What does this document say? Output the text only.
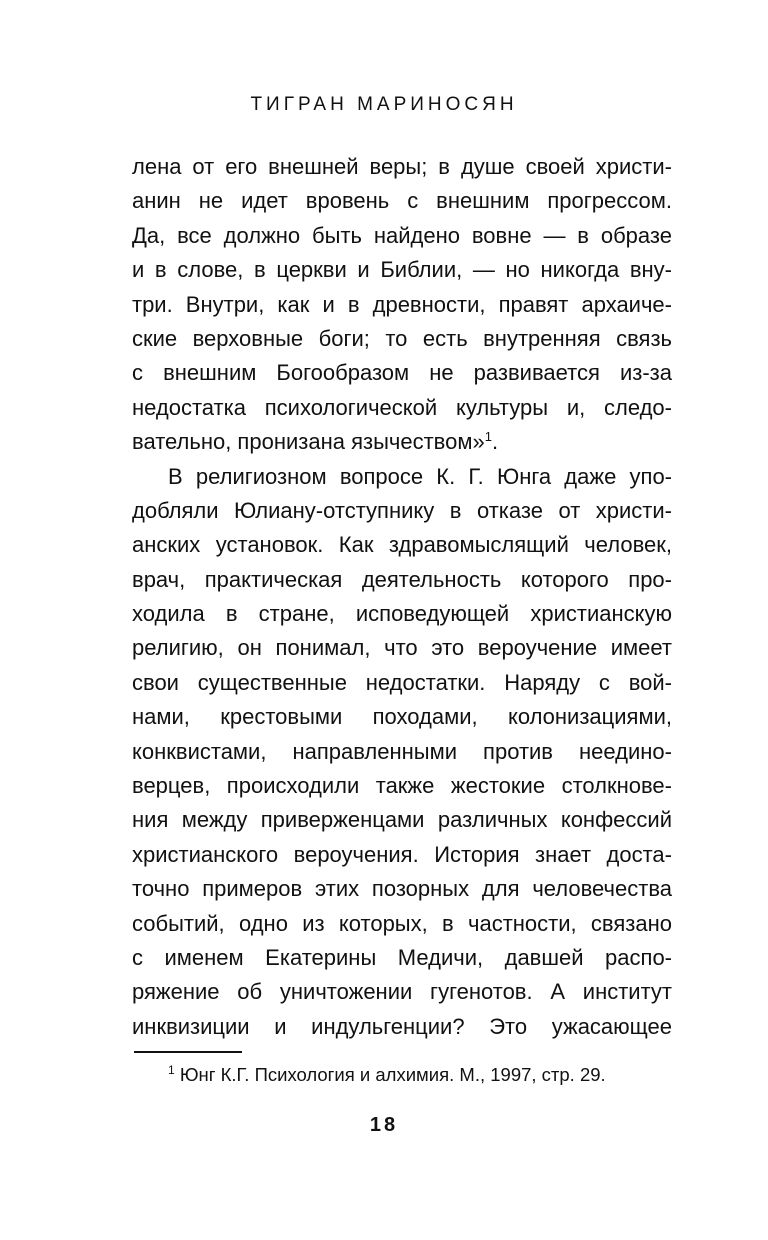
ТИГРАН МАРИНОСЯН
лена от его внешней веры; в душе своей христи-
анин не идет вровень с внешним прогрессом.
Да, все должно быть найдено вовне — в образе
и в слове, в церкви и Библии, — но никогда вну-
три. Внутри, как и в древности, правят архаиче-
ские верховные боги; то есть внутренняя связь
с внешним Богообразом не развивается из-за
недостатка психологической культуры и, следо-
вательно, пронизана язычеством»$^1$.
В религиозном вопросе К. Г. Юнга даже упо-
добляли Юлиану-отступнику в отказе от христи-
анских установок. Как здравомыслящий человек,
врач, практическая деятельность которого про-
ходила в стране, исповедующей христианскую
религию, он понимал, что это вероучение имеет
свои существенные недостатки. Наряду с вой-
нами, крестовыми походами, колонизациями,
конквистами, направленными против неедино-
верцев, происходили также жестокие столкнове-
ния между приверженцами различных конфессий
христианского вероучения. История знает доста-
точно примеров этих позорных для человечества
событий, одно из которых, в частности, связано
с именем Екатерины Медичи, давшей распо-
ряжение об уничтожении гугенотов. А институт
инквизиции и индульгенции? Это ужасающее
$^1$ Юнг К.Г. Психология и алхимия. М., 1997, стр. 29.
18
